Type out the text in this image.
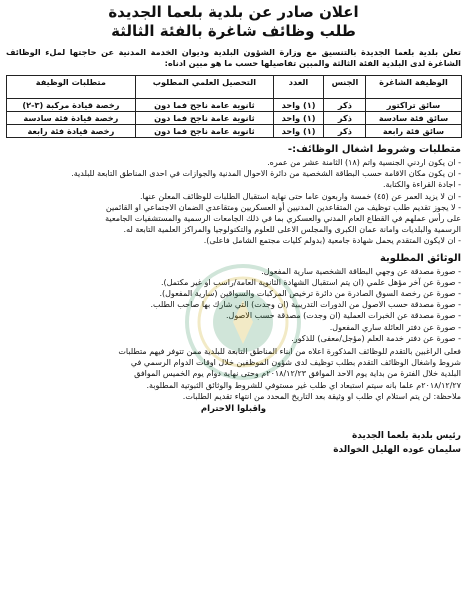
اعلان صادر عن بلدية بلعما الجديدة
طلب وظائف شاغرة بالفئة الثالثة
تعلن بلدية بلعما الجديدة بالتنسيق مع وزارة الشؤون البلدية وديوان الخدمة المدنية عن حاجتها لملء الوظائف الشاغرة لدى البلدية الفئة الثالثة والمبين تفاصيلها حسب ما هو مبين ادناه:
الوظيفة الشاغرة	الجنس	العدد	التحصيل العلمي المطلوب	متطلبات الوظيفة
سائق تراكتور	ذكر	(١) واحد	ثانوية عامة ناجح فما دون	رخصة قيادة مركبة (٣-٢)
سائق فئة سادسة	ذكر	(١) واحد	ثانوية عامة ناجح فما دون	رخصة قيادة فئة سادسة
سائق فئة رابعة	ذكر	(١) واحد	ثانوية عامة ناجح فما دون	رخصة قيادة فئة رابعة
متطلبات وشروط اشغال الوظائف:-
- ان يكون اردني الجنسية واتم (١٨) الثامنة عشر من عمره.
- ان يكون مكان الاقامة حسب البطاقة الشخصية من دائرة الاحوال المدنية والجوازات في احدى المناطق التابعة للبلدية.
- اجادة القراءة والكتابة.
- ان لا يزيد العمر عن (٤٥) خمسة واربعون عاما حتى نهاية استقبال الطلبات للوظائف المعلن عنها.
- لا يجوز تقديم طلب توظيف من المتقاعدين المدنيين أو العسكريين ومتقاعدي الضمان الاجتماعي او القائمين
على رأس عملهم في القطاع العام المدني والعسكري بما في ذلك الجامعات الرسمية والمستشفيات الجامعية
الرسمية والبلديات وامانة عمان الكبرى والمجلس الاعلى للعلوم والتكنولوجيا والمراكز العلمية التابعة له.
- ان لايكون المتقدم يحمل شهادة جامعية (بدولم كليات مجتمع الشامل فاعلى).
الوثائق المطلوبة
- صورة مصدقة عن وجهي البطاقة الشخصية سارية المفعول.
- صورة عن آخر مؤهل علمي (ان يتم استقبال الشهادة الثانوية العامة/راسب او غير مكتمل).
- صورة عن رخصة السوق الصادرة من دائرة ترخيص المركبات والسواقين (سارية المفعول).
- صورة مصدقة حسب الاصول من الدورات التدريبية (ان وجدت) التي شارك بها صاحب الطلب.
- صورة مصدقة عن الخبرات العملية (ان وجدت) مصدقة حسب الاصول.
- صورة عن دفتر العائلة ساري المفعول.
- صورة عن دفتر خدمة العلم (مؤجل/معفى) للذكور.
فعلى الراغبين بالتقدم للوظائف المذكورة اعلاه من ابناء المناطق التابعة للبلدية ممن تتوفر فيهم متطلبات
شروط واشغال الوظائف التقدم بطلب توظيف لدى شؤون الموظفين خلال اوقات الدوام الرسمي في
البلدية خلال الفترة من بداية يوم الاحد الموافق ٢٠١٨/١٢/٢٣م وحتى نهاية دوام يوم الخميس الموافق
٢٠١٨/١٢/٢٧م علما بانه سيتم استبعاد اي طلب غير مستوفي للشروط والوثائق الثبوتية المطلوبة.
ملاحظة: لن يتم استلام اي طلب او وثيقة بعد التاريخ المحدد من انتهاء تقديم الطلبات.
واقبلوا الاحترام
رئيس بلدية بلعما الجديدة
سليمان عوده الهليل الخوالدة
